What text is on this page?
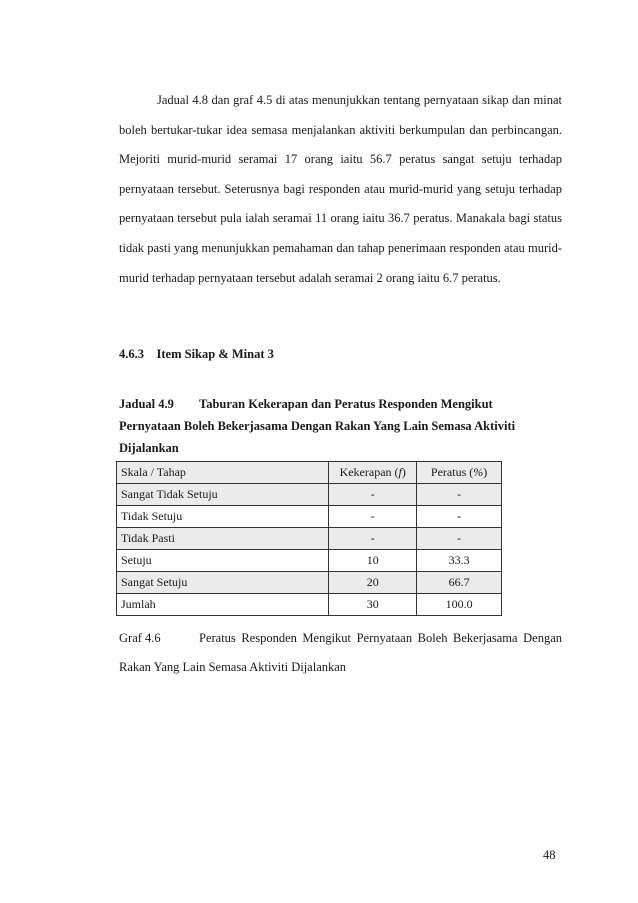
Jadual 4.8 dan graf 4.5 di atas menunjukkan tentang pernyataan sikap dan minat boleh bertukar-tukar idea semasa menjalankan aktiviti berkumpulan dan perbincangan. Mejoriti murid-murid seramai 17 orang iaitu 56.7 peratus sangat setuju terhadap pernyataan tersebut. Seterusnya bagi responden atau murid-murid yang setuju terhadap pernyataan tersebut pula ialah seramai 11 orang iaitu 36.7 peratus. Manakala bagi status tidak pasti yang menunjukkan pemahaman dan tahap penerimaan responden atau murid-murid terhadap pernyataan tersebut adalah seramai 2 orang iaitu 6.7 peratus.

4.6.3 Item Sikap & Minat 3

Jadual 4.9 Taburan Kekerapan dan Peratus Responden Mengikut Pernyataan Boleh Bekerjasama Dengan Rakan Yang Lain Semasa Aktiviti Dijalankan

Skala / Tahap	Kekerapan (f)	Peratus (%)
Sangat Tidak Setuju	-	-
Tidak Setuju	-	-
Tidak Pasti	-	-
Setuju	10	33.3
Sangat Setuju	20	66.7
Jumlah	30	100.0

Graf 4.6	Peratus Responden Mengikut Pernyataan Boleh Bekerjasama Dengan Rakan Yang Lain Semasa Aktiviti Dijalankan

48
